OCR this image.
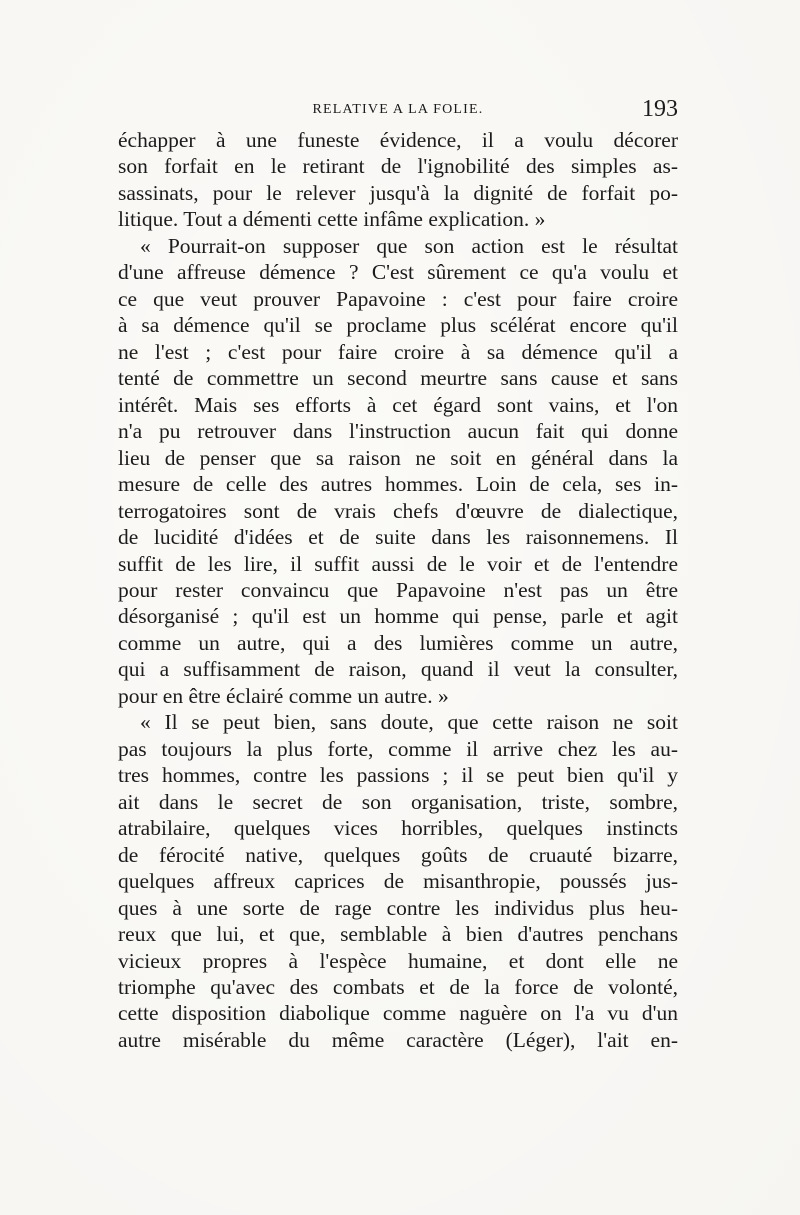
RELATIVE A LA FOLIE.	193
échapper à une funeste évidence, il a voulu décorer
son forfait en le retirant de l'ignobilité des simples as-
sassinats, pour le relever jusqu'à la dignité de forfait po-
litique. Tout a démenti cette infâme explication. »
« Pourrait-on supposer que son action est le résultat
d'une affreuse démence ? C'est sûrement ce qu'a voulu et
ce que veut prouver Papavoine : c'est pour faire croire
à sa démence qu'il se proclame plus scélérat encore qu'il
ne l'est ; c'est pour faire croire à sa démence qu'il a
tenté de commettre un second meurtre sans cause et sans
intérêt. Mais ses efforts à cet égard sont vains, et l'on
n'a pu retrouver dans l'instruction aucun fait qui donne
lieu de penser que sa raison ne soit en général dans la
mesure de celle des autres hommes. Loin de cela, ses in-
terrogatoires sont de vrais chefs d'œuvre de dialectique,
de lucidité d'idées et de suite dans les raisonnemens. Il
suffit de les lire, il suffit aussi de le voir et de l'entendre
pour rester convaincu que Papavoine n'est pas un être
désorganisé ; qu'il est un homme qui pense, parle et agit
comme un autre, qui a des lumières comme un autre,
qui a suffisamment de raison, quand il veut la consulter,
pour en être éclairé comme un autre. »
« Il se peut bien, sans doute, que cette raison ne soit
pas toujours la plus forte, comme il arrive chez les au-
tres hommes, contre les passions ; il se peut bien qu'il y
ait dans le secret de son organisation, triste, sombre,
atrabilaire, quelques vices horribles, quelques instincts
de férocité native, quelques goûts de cruauté bizarre,
quelques affreux caprices de misanthropie, poussés jus-
ques à une sorte de rage contre les individus plus heu-
reux que lui, et que, semblable à bien d'autres penchans
vicieux propres à l'espèce humaine, et dont elle ne
triomphe qu'avec des combats et de la force de volonté,
cette disposition diabolique comme naguère on l'a vu d'un
autre misérable du même caractère (Léger), l'ait en-
